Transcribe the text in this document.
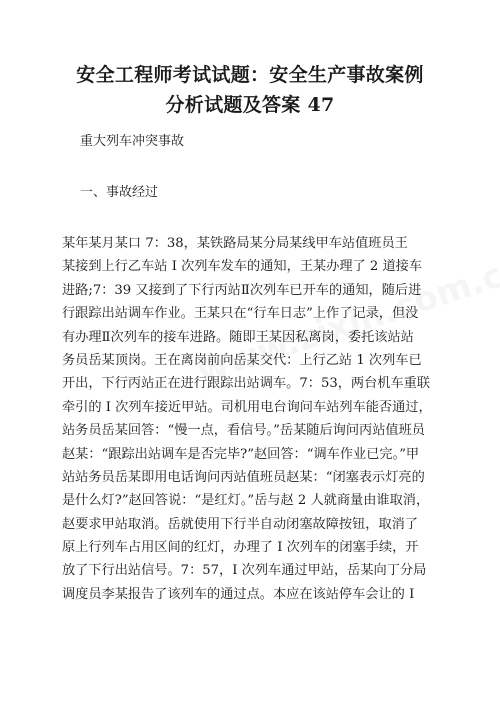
安全工程师考试试题：安全生产事故案例
分析试题及答案 47
重大列车冲突事故
一、事故经过
某年某月某口 7：38，某铁路局某分局某线甲车站值班员王
某接到上行乙车站 I 次列车发车的通知，王某办理了 2 道接车
进路;7：39 又接到了下行丙站Ⅱ次列车已开车的通知，随后进
行跟踪出站调车作业。王某只在“行车日志”上作了记录，但没
有办理Ⅱ次列车的接车进路。随即王某因私离岗，委托该站站
务员岳某顶岗。王在离岗前向岳某交代：上行乙站 1 次列车已
开出，下行丙站正在进行跟踪出站调车。7：53，两台机车重联
牵引的 I 次列车接近甲站。司机用电台询问车站列车能否通过，
站务员岳某回答：“慢一点，看信号。”岳某随后询问丙站值班员
赵某：“跟踪出站调车是否完毕?”赵回答：“调车作业已完。”甲
站站务员岳某即用电话询问丙站值班员赵某：“闭塞表示灯亮的
是什么灯?”赵回答说：“是红灯。”岳与赵 2 人就商量由谁取消，
赵要求甲站取消。岳就使用下行半自动闭塞故障按钮，取消了
原上行列车占用区间的红灯，办理了 I 次列车的闭塞手续，开
放了下行出站信号。7：57，I 次列车通过甲站，岳某向丁分局
调度员李某报告了该列车的通过点。本应在该站停车会让的 I
